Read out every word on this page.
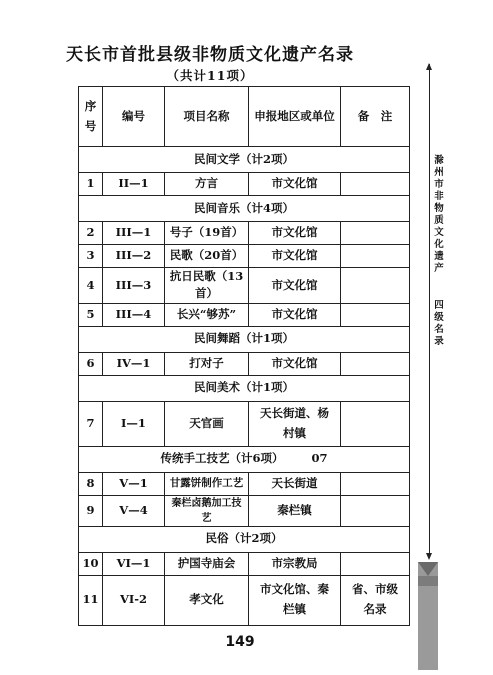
天长市首批县级非物质文化遗产名录
（共计11项）
序号	编号	项目名称	申报地区或单位	备　注
民间文学（计2项）				
1	II—1	方言	市文化馆	
民间音乐（计4项）				
2	III—1	号子（19首）	市文化馆	
3	III—2	民歌（20首）	市文化馆	
4	III—3	抗日民歌（13首）	市文化馆	
5	III—4	长兴“够苏”	市文化馆	
民间舞蹈（计1项）				
6	IV—1	打对子	市文化馆	
民间美术（计1项）				
7	I—1	天官画	天长街道、杨村镇	
传统手工技艺（计6项） 07				
8	V—1	甘露饼制作工艺	天长街道	
9	V—4	秦栏卤鹅加工技艺	秦栏镇	
民俗（计2项）				
10	VI—1	护国寺庙会	市宗教局	
11	VI-2	孝文化	市文化馆、秦栏镇	省、市级名录
滁
州
市
非
物
质
文
化
遗
产
四
级
名
录
149
